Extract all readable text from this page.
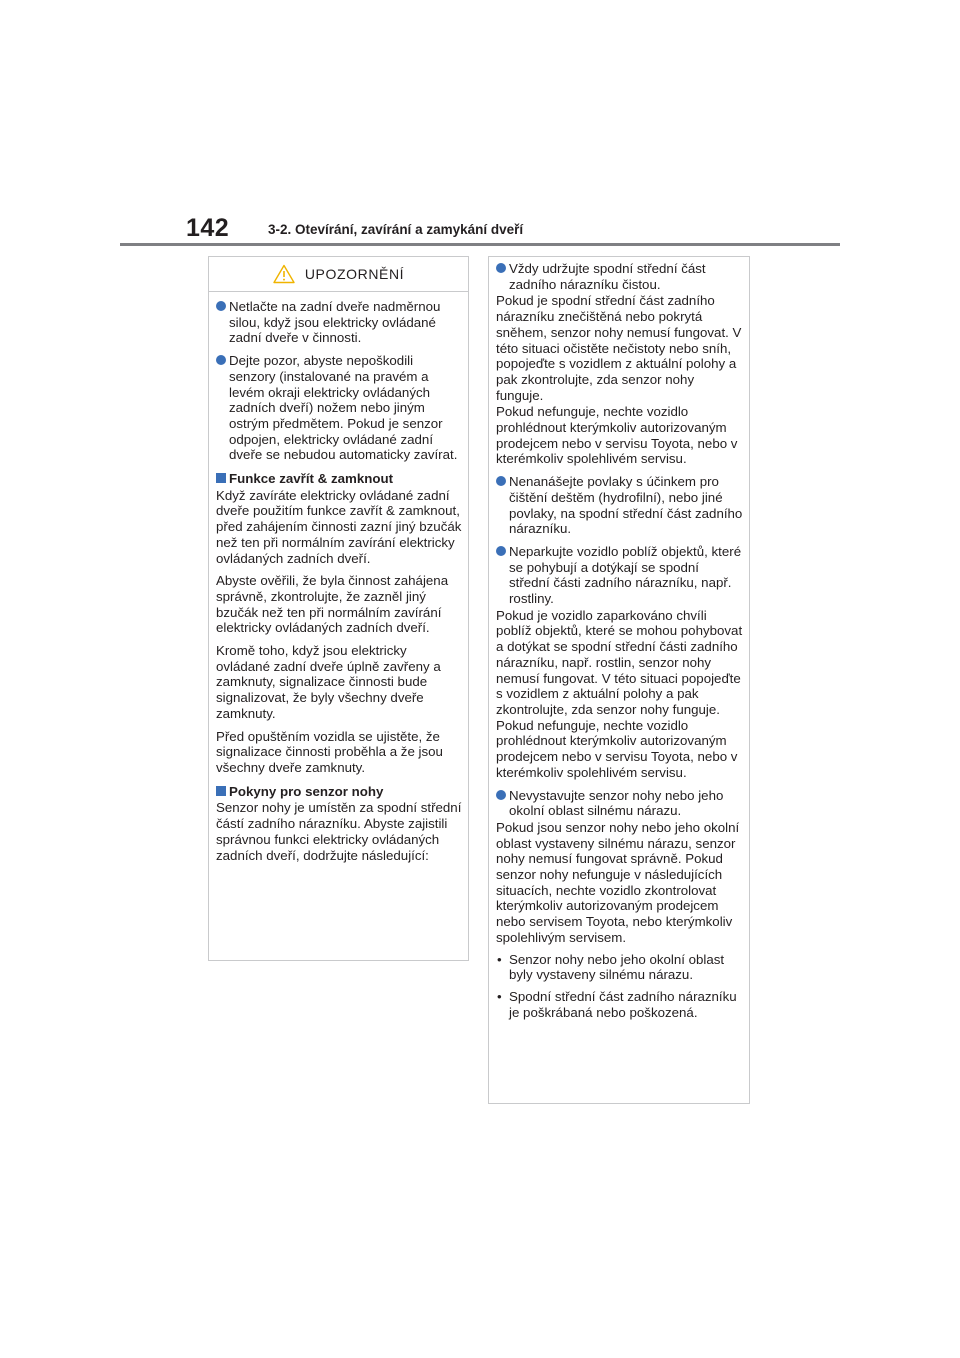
142	3-2. Otevírání, zavírání a zamykání dveří
UPOZORNĚNÍ

Netlačte na zadní dveře nadměrnou silou, když jsou elektricky ovládané zadní dveře v činnosti.

Dejte pozor, abyste nepoškodili senzory (instalované na pravém a levém okraji elektricky ovládaných zadních dveří) nožem nebo jiným ostrým předmětem. Pokud je senzor odpojen, elektricky ovládané zadní dveře se nebudou automaticky zavírat.

Funkce zavřít & zamknout

Když zavíráte elektricky ovládané zadní dveře použitím funkce zavřít & zamknout, před zahájením činnosti zazní jiný bzučák než ten při normálním zavírání elektricky ovládaných zadních dveří.

Abyste ověřili, že byla činnost zahájena správně, zkontrolujte, že zazněl jiný bzučák než ten při normálním zavírání elektricky ovládaných zadních dveří.

Kromě toho, když jsou elektricky ovládané zadní dveře úplně zavřeny a zamknuty, signalizace činnosti bude signalizovat, že byly všechny dveře zamknuty.

Před opuštěním vozidla se ujistěte, že signalizace činnosti proběhla a že jsou všechny dveře zamknuty.

Pokyny pro senzor nohy

Senzor nohy je umístěn za spodní střední částí zadního nárazníku. Abyste zajistili správnou funkci elektricky ovládaných zadních dveří, dodržujte následující:

Vždy udržujte spodní střední část zadního nárazníku čistou.

Pokud je spodní střední část zadního nárazníku znečištěná nebo pokrytá sněhem, senzor nohy nemusí fungovat. V této situaci očistěte nečistoty nebo sníh, popojeďte s vozidlem z aktuální polohy a pak zkontrolujte, zda senzor nohy funguje.

Pokud nefunguje, nechte vozidlo prohlédnout kterýmkoliv autorizovaným prodejcem nebo v servisu Toyota, nebo v kterémkoliv spolehlivém servisu.

Nenanášejte povlaky s účinkem pro čištění deštěm (hydrofilní), nebo jiné povlaky, na spodní střední část zadního nárazníku.

Neparkujte vozidlo poblíž objektů, které se pohybují a dotýkají se spodní střední části zadního nárazníku, např. rostliny.

Pokud je vozidlo zaparkováno chvíli poblíž objektů, které se mohou pohybovat a dotýkat se spodní střední části zadního nárazníku, např. rostlin, senzor nohy nemusí fungovat. V této situaci popojeďte s vozidlem z aktuální polohy a pak zkontrolujte, zda senzor nohy funguje. Pokud nefunguje, nechte vozidlo prohlédnout kterýmkoliv autorizovaným prodejcem nebo v servisu Toyota, nebo v kterémkoliv spolehlivém servisu.

Nevystavujte senzor nohy nebo jeho okolní oblast silnému nárazu.

Pokud jsou senzor nohy nebo jeho okolní oblast vystaveny silnému nárazu, senzor nohy nemusí fungovat správně. Pokud senzor nohy nefunguje v následujících situacích, nechte vozidlo zkontrolovat kterýmkoliv autorizovaným prodejcem nebo servisem Toyota, nebo kterýmkoliv spolehlivým servisem.

• Senzor nohy nebo jeho okolní oblast byly vystaveny silnému nárazu.

• Spodní střední část zadního nárazníku je poškrábaná nebo poškozená.
